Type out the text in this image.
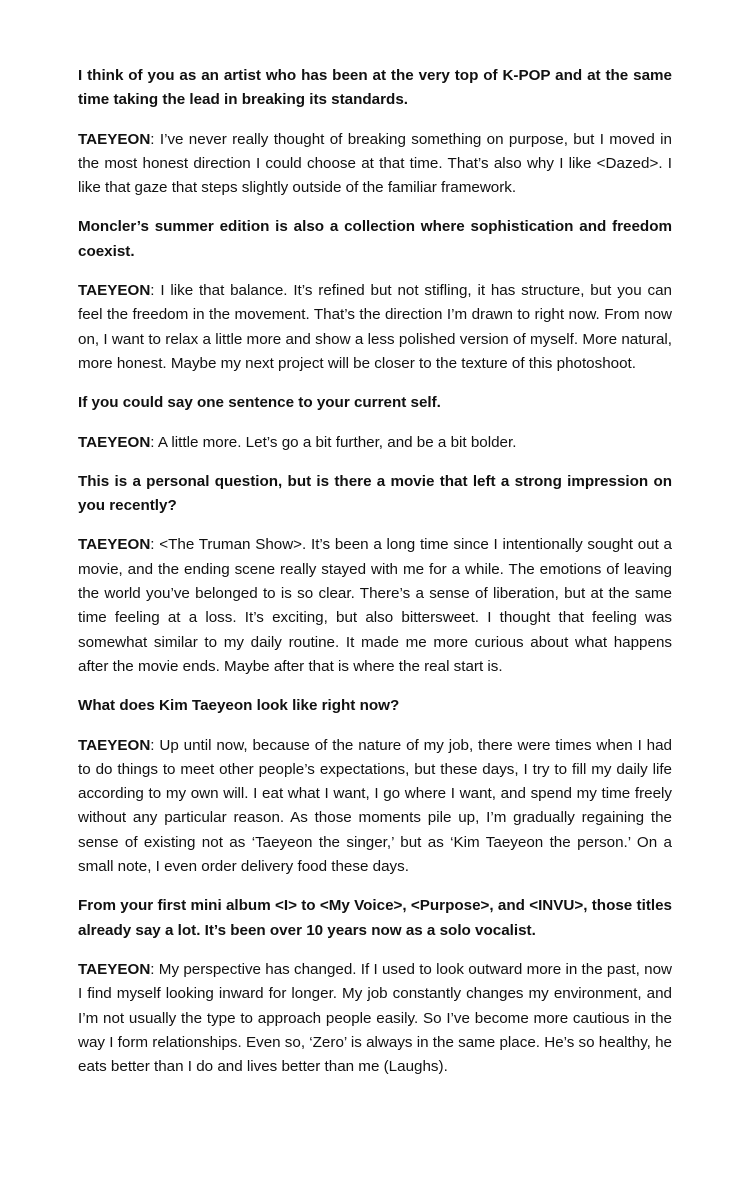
I think of you as an artist who has been at the very top of K-POP and at the same time taking the lead in breaking its standards.

TAEYEON: I’ve never really thought of breaking something on purpose, but I moved in the most honest direction I could choose at that time. That’s also why I like <Dazed>. I like that gaze that steps slightly outside of the familiar framework.

Moncler’s summer edition is also a collection where sophistication and freedom coexist.

TAEYEON: I like that balance. It’s refined but not stifling, it has structure, but you can feel the freedom in the movement. That’s the direction I’m drawn to right now. From now on, I want to relax a little more and show a less polished version of myself. More natural, more honest. Maybe my next project will be closer to the texture of this photoshoot.

If you could say one sentence to your current self.

TAEYEON: A little more. Let’s go a bit further, and be a bit bolder.

This is a personal question, but is there a movie that left a strong impression on you recently?

TAEYEON: <The Truman Show>. It’s been a long time since I intentionally sought out a movie, and the ending scene really stayed with me for a while. The emotions of leaving the world you’ve belonged to is so clear. There’s a sense of liberation, but at the same time feeling at a loss. It’s exciting, but also bittersweet. I thought that feeling was somewhat similar to my daily routine. It made me more curious about what happens after the movie ends. Maybe after that is where the real start is.

What does Kim Taeyeon look like right now?

TAEYEON: Up until now, because of the nature of my job, there were times when I had to do things to meet other people’s expectations, but these days, I try to fill my daily life according to my own will. I eat what I want, I go where I want, and spend my time freely without any particular reason. As those moments pile up, I’m gradually regaining the sense of existing not as ‘Taeyeon the singer,’ but as ‘Kim Taeyeon the person.’ On a small note, I even order delivery food these days.

From your first mini album <I> to <My Voice>, <Purpose>, and <INVU>, those titles already say a lot. It’s been over 10 years now as a solo vocalist.

TAEYEON: My perspective has changed. If I used to look outward more in the past, now I find myself looking inward for longer. My job constantly changes my environment, and I’m not usually the type to approach people easily. So I’ve become more cautious in the way I form relationships. Even so, ‘Zero’ is always in the same place. He’s so healthy, he eats better than I do and lives better than me (Laughs).
